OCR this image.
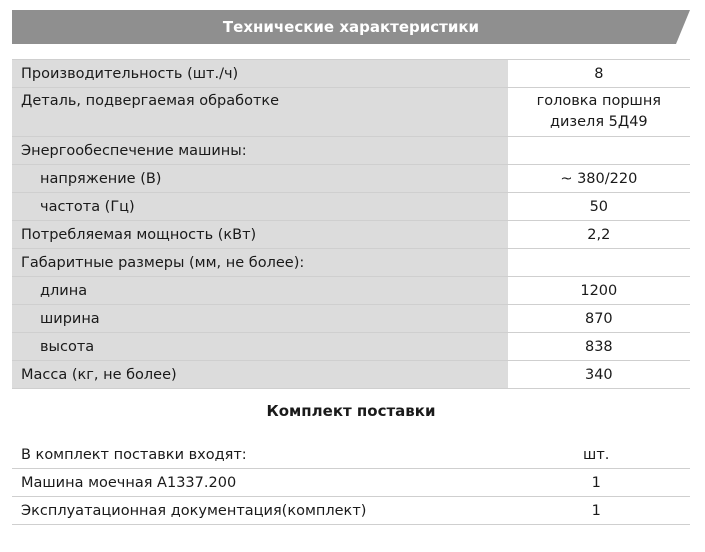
Технические характеристики
Производительность (шт./ч)	8
Деталь, подвергаемая обработке	головка поршня
дизеля 5Д49

Энергообеспечение машины:	
напряжение (В)	~ 380/220
частота (Гц)	50
Потребляемая мощность (кВт)	2,2
Габаритные размеры (мм, не более):	
длина	1200
ширина	870
высота	838
Масса (кг, не более)	340
Комплект поставки
В комплект поставки входят:	шт.
Машина моечная А1337.200	1
Эксплуатационная документация(комплект)	1
